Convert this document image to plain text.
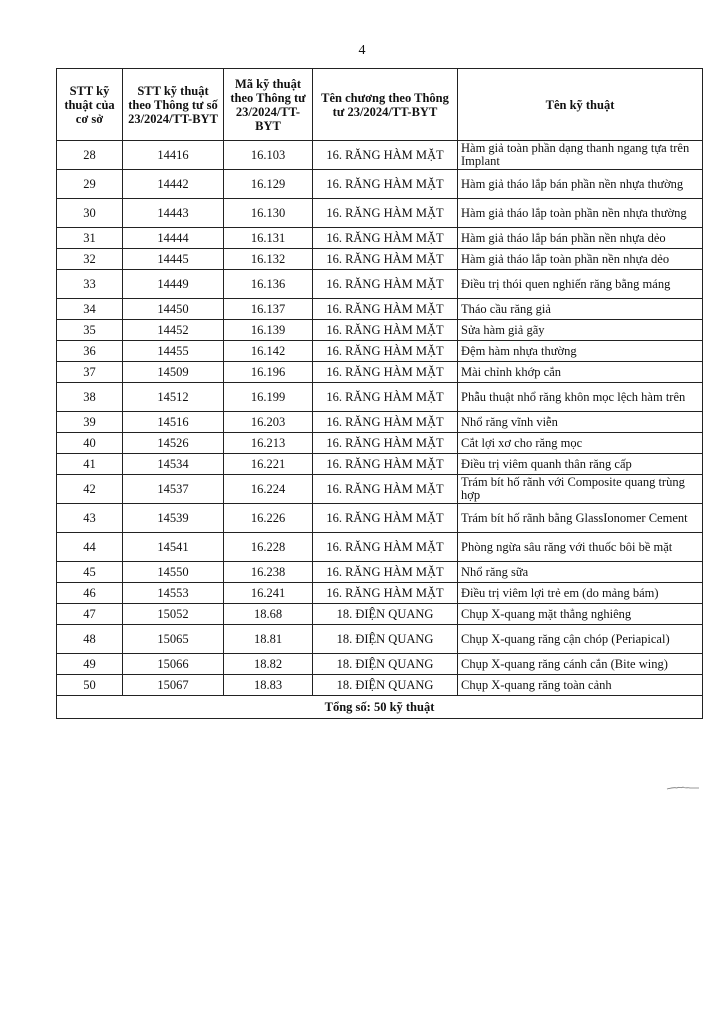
4
STT kỹ thuật của cơ sở	STT kỹ thuật theo Thông tư số 23/2024/TT-BYT	Mã kỹ thuật theo Thông tư 23/2024/TT-BYT	Tên chương theo Thông tư 23/2024/TT-BYT	Tên kỹ thuật
28	14416	16.103	16. RĂNG HÀM MẶT	Hàm giả toàn phần dạng thanh ngang tựa trên Implant
29	14442	16.129	16. RĂNG HÀM MẶT	Hàm giả tháo lắp bán phần nền nhựa thường
30	14443	16.130	16. RĂNG HÀM MẶT	Hàm giả tháo lắp toàn phần nền nhựa thường
31	14444	16.131	16. RĂNG HÀM MẶT	Hàm giả tháo lắp bán phần nền nhựa dẻo
32	14445	16.132	16. RĂNG HÀM MẶT	Hàm giả tháo lắp toàn phần nền nhựa dẻo
33	14449	16.136	16. RĂNG HÀM MẶT	Điều trị thói quen nghiến răng bằng máng
34	14450	16.137	16. RĂNG HÀM MẶT	Tháo cầu răng giả
35	14452	16.139	16. RĂNG HÀM MẶT	Sửa hàm giả gãy
36	14455	16.142	16. RĂNG HÀM MẶT	Đệm hàm nhựa thường
37	14509	16.196	16. RĂNG HÀM MẶT	Mài chỉnh khớp cắn
38	14512	16.199	16. RĂNG HÀM MẶT	Phẫu thuật nhổ răng khôn mọc lệch hàm trên
39	14516	16.203	16. RĂNG HÀM MẶT	Nhổ răng vĩnh viễn
40	14526	16.213	16. RĂNG HÀM MẶT	Cắt lợi xơ cho răng mọc
41	14534	16.221	16. RĂNG HÀM MẶT	Điều trị viêm quanh thân răng cấp
42	14537	16.224	16. RĂNG HÀM MẶT	Trám bít hố rãnh với Composite quang trùng hợp
43	14539	16.226	16. RĂNG HÀM MẶT	Trám bít hố rãnh bằng GlassIonomer Cement
44	14541	16.228	16. RĂNG HÀM MẶT	Phòng ngừa sâu răng với thuốc bôi bề mặt
45	14550	16.238	16. RĂNG HÀM MẶT	Nhổ răng sữa
46	14553	16.241	16. RĂNG HÀM MẶT	Điều trị viêm lợi trẻ em (do mảng bám)
47	15052	18.68	18. ĐIỆN QUANG	Chụp X-quang mặt thẳng nghiêng
48	15065	18.81	18. ĐIỆN QUANG	Chụp X-quang răng cận chóp (Periapical)
49	15066	18.82	18. ĐIỆN QUANG	Chụp X-quang răng cánh cắn (Bite wing)
50	15067	18.83	18. ĐIỆN QUANG	Chụp X-quang răng toàn cảnh
Tổng số: 50 kỹ thuật				
